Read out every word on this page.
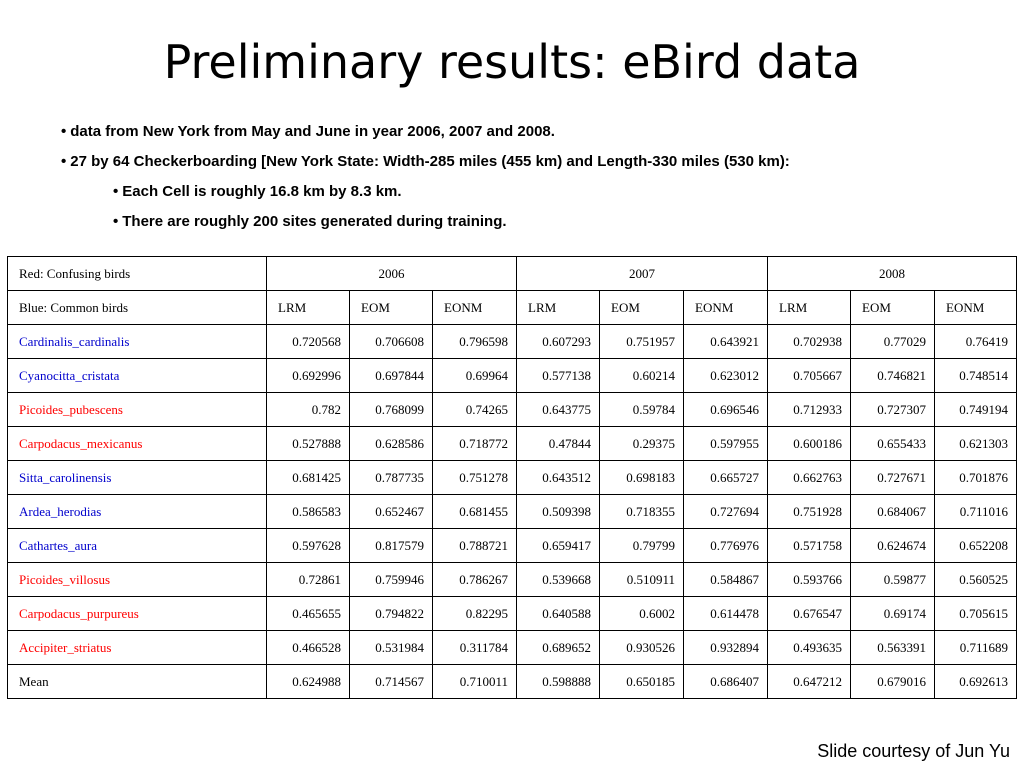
Preliminary results: eBird data
• data from New York from May and June in year 2006, 2007 and 2008.
• 27 by 64 Checkerboarding [New York State: Width-285 miles (455 km) and Length-330 miles (530 km):
• Each Cell is roughly 16.8 km by 8.3 km.
• There are roughly 200 sites generated during training.
Red: Confusing birds	2006			2007			2008		
Blue: Common birds	LRM	EOM	EONM	LRM	EOM	EONM	LRM	EOM	EONM
Cardinalis_cardinalis	0.720568	0.706608	0.796598	0.607293	0.751957	0.643921	0.702938	0.77029	0.76419
Cyanocitta_cristata	0.692996	0.697844	0.69964	0.577138	0.60214	0.623012	0.705667	0.746821	0.748514
Picoides_pubescens	0.782	0.768099	0.74265	0.643775	0.59784	0.696546	0.712933	0.727307	0.749194
Carpodacus_mexicanus	0.527888	0.628586	0.718772	0.47844	0.29375	0.597955	0.600186	0.655433	0.621303
Sitta_carolinensis	0.681425	0.787735	0.751278	0.643512	0.698183	0.665727	0.662763	0.727671	0.701876
Ardea_herodias	0.586583	0.652467	0.681455	0.509398	0.718355	0.727694	0.751928	0.684067	0.711016
Cathartes_aura	0.597628	0.817579	0.788721	0.659417	0.79799	0.776976	0.571758	0.624674	0.652208
Picoides_villosus	0.72861	0.759946	0.786267	0.539668	0.510911	0.584867	0.593766	0.59877	0.560525
Carpodacus_purpureus	0.465655	0.794822	0.82295	0.640588	0.6002	0.614478	0.676547	0.69174	0.705615
Accipiter_striatus	0.466528	0.531984	0.311784	0.689652	0.930526	0.932894	0.493635	0.563391	0.711689
Mean	0.624988	0.714567	0.710011	0.598888	0.650185	0.686407	0.647212	0.679016	0.692613
Slide courtesy of Jun Yu
